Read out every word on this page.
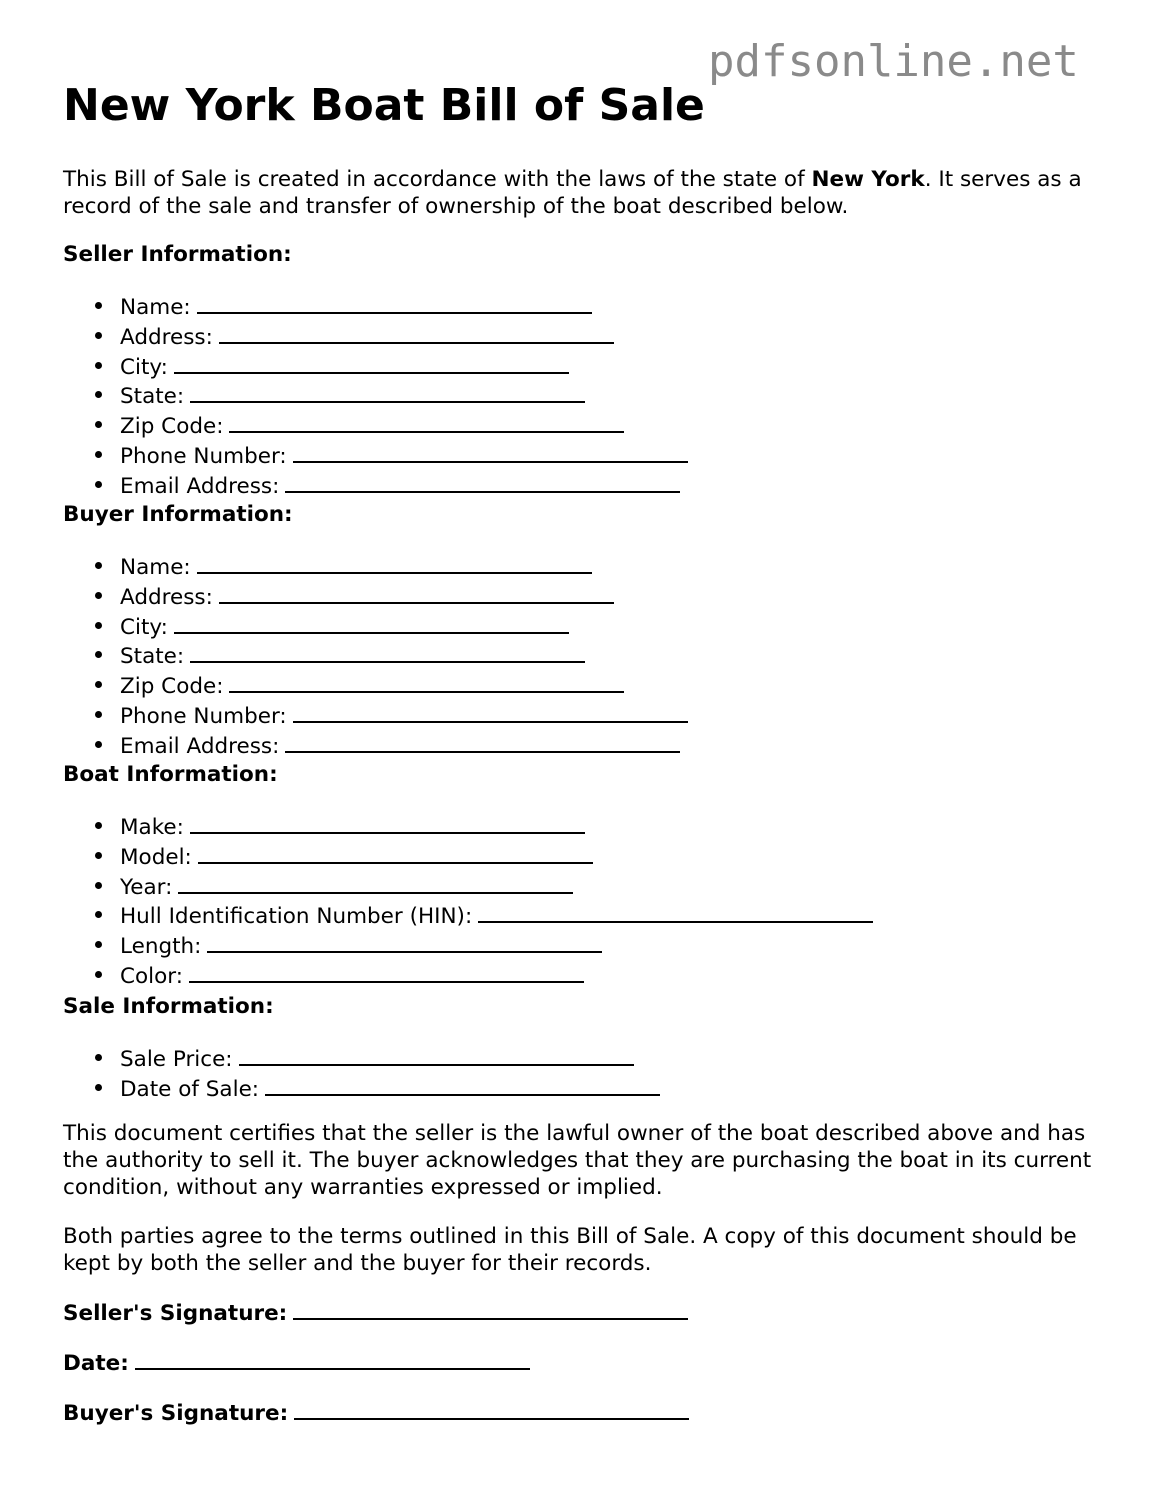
pdfsonline.net
New York Boat Bill of Sale

This Bill of Sale is created in accordance with the laws of the state of New York. It serves as a record of the sale and transfer of ownership of the boat described below.

Seller Information:

Name:
Address:
City:
State:
Zip Code:
Phone Number:
Email Address:

Buyer Information:

Name:
Address:
City:
State:
Zip Code:
Phone Number:
Email Address:

Boat Information:

Make:
Model:
Year:
Hull Identification Number (HIN):
Length:
Color:

Sale Information:

Sale Price:
Date of Sale:

This document certifies that the seller is the lawful owner of the boat described above and has the authority to sell it. The buyer acknowledges that they are purchasing the boat in its current condition, without any warranties expressed or implied.

Both parties agree to the terms outlined in this Bill of Sale. A copy of this document should be kept by both the seller and the buyer for their records.

Seller's Signature:

Date:

Buyer's Signature:
